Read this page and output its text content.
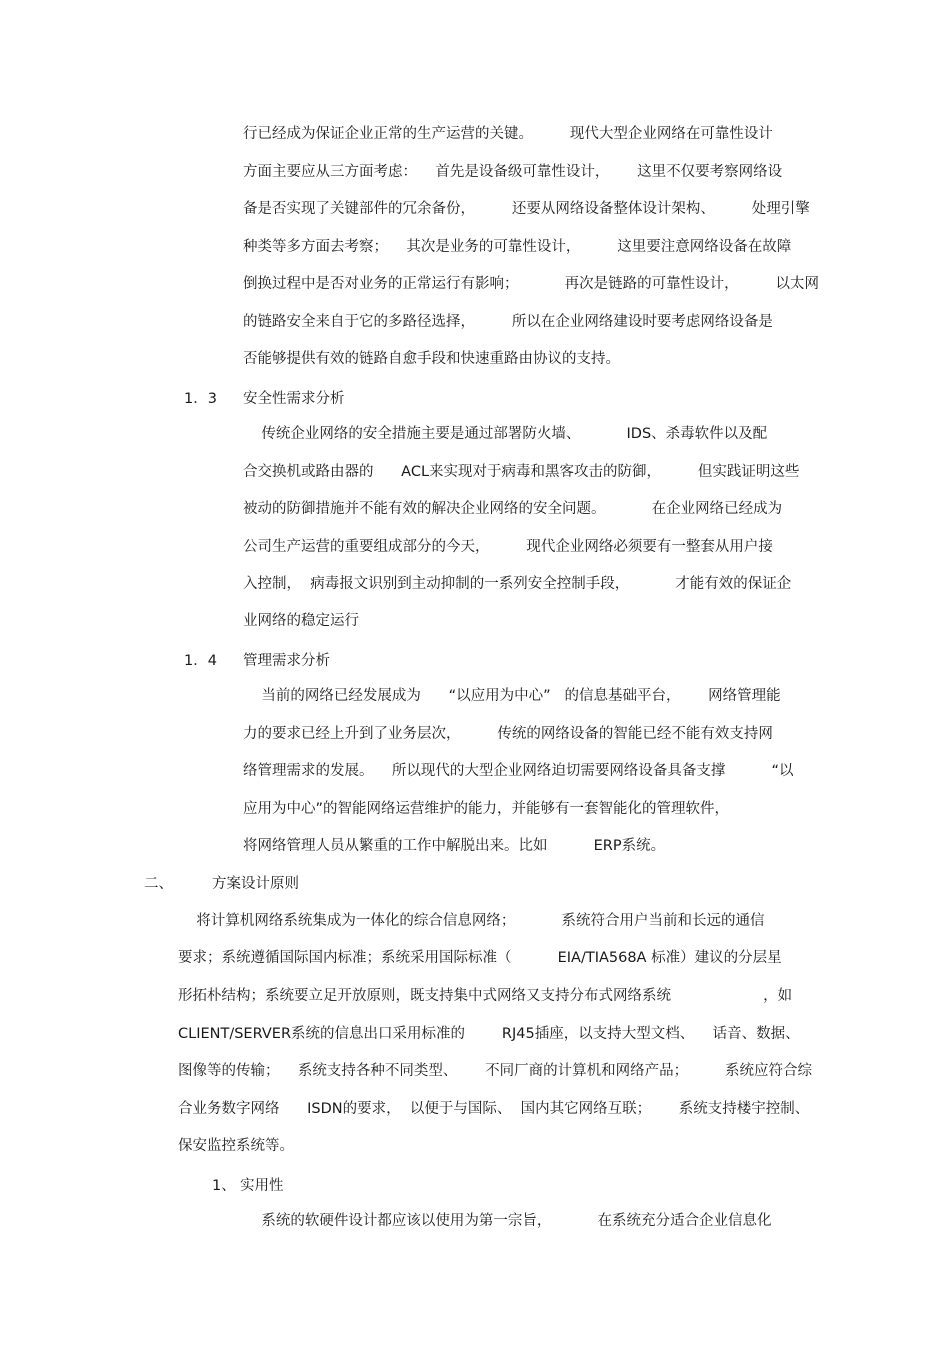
行已经成为保证企业正常的生产运营的关键。        现代大型企业网络在可靠性设计
方面主要应从三方面考虑：    首先是设备级可靠性设计，      这里不仅要考察网络设
备是否实现了关键部件的冗余备份，        还要从网络设备整体设计架构、        处理引擎
种类等多方面去考察；    其次是业务的可靠性设计，        这里要注意网络设备在故障
倒换过程中是否对业务的正常运行有影响；          再次是链路的可靠性设计，        以太网
的链路安全来自于它的多路径选择，        所以在企业网络建设时要考虑网络设备是
否能够提供有效的链路自愈手段和快速重路由协议的支持。
1．3 安全性需求分析
传统企业网络的安全措施主要是通过部署防火墙、          IDS、杀毒软件以及配
合交换机或路由器的      ACL来实现对于病毒和黑客攻击的防御，        但实践证明这些
被动的防御措施并不能有效的解决企业网络的安全问题。          在企业网络已经成为
公司生产运营的重要组成部分的今天，        现代企业网络必须要有一整套从用户接
入控制，  病毒报文识别到主动抑制的一系列安全控制手段，          才能有效的保证企
业网络的稳定运行
1．4 管理需求分析
当前的网络已经发展成为      “以应用为中心”   的信息基础平台，      网络管理能
力的要求已经上升到了业务层次，        传统的网络设备的智能已经不能有效支持网
络管理需求的发展。    所以现代的大型企业网络迫切需要网络设备具备支撑          “以
应用为中心”的智能网络运营维护的能力，并能够有一套智能化的管理软件，
将网络管理人员从繁重的工作中解脱出来。比如          ERP系统。
二、	方案设计原则
将计算机网络系统集成为一体化的综合信息网络；          系统符合用户当前和长远的通信
要求；系统遵循国际国内标准；系统采用国际标准（          EIA/TIA568A 标准）建议的分层星
形拓朴结构；系统要立足开放原则，既支持集中式网络又支持分布式网络系统                    ，如
CLIENT/SERVER系统的信息出口采用标准的        RJ45插座，以支持大型文档、    话音、数据、
图像等的传输；    系统支持各种不同类型、      不同厂商的计算机和网络产品；        系统应符合综
合业务数字网络      ISDN的要求，  以便于与国际、  国内其它网络互联；      系统支持楼宇控制、
保安监控系统等。
1、 实用性
系统的软硬件设计都应该以使用为第一宗旨，          在系统充分适合企业信息化
